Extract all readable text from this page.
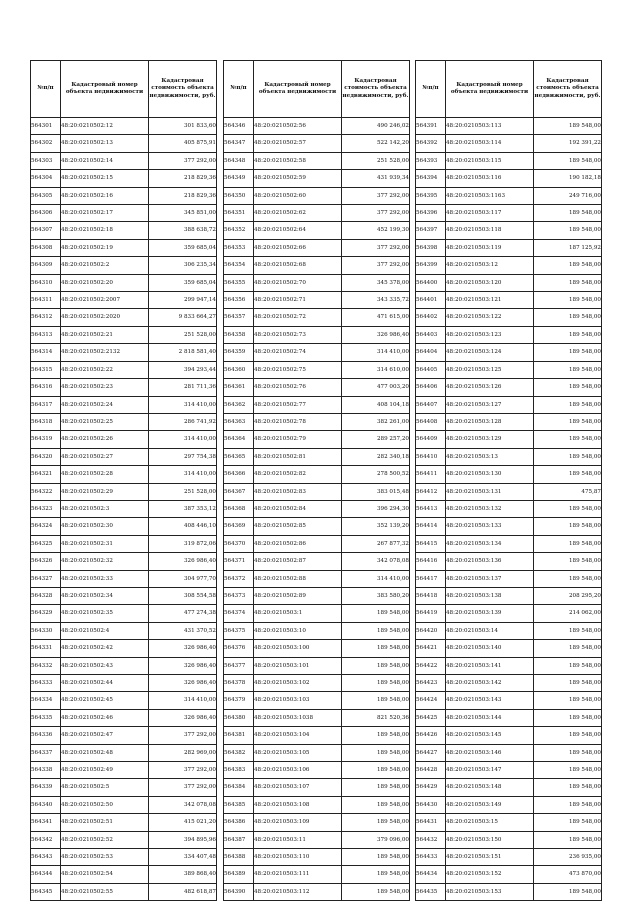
№п/п	Кадастровый номер объекта недвижимости	Кадастровая стоимость объекта недвижимости, руб.
564301	48:20:0210502:12	301 833,60
564302	48:20:0210502:13	405 875,91
564303	48:20:0210502:14	377 292,00
564304	48:20:0210502:15	218 829,36
564305	48:20:0210502:16	218 829,36
564306	48:20:0210502:17	345 851,00
564307	48:20:0210502:18	388 638,72
564308	48:20:0210502:19	359 685,04
564309	48:20:0210502:2	306 235,34
564310	48:20:0210502:20	359 685,04
564311	48:20:0210502:2007	299 947,14
564312	48:20:0210502:2020	9 833 664,27
564313	48:20:0210502:21	251 528,00
564314	48:20:0210502:2132	2 818 581,40
564315	48:20:0210502:22	394 293,44
564316	48:20:0210502:23	281 711,36
564317	48:20:0210502:24	314 410,00
564318	48:20:0210502:25	286 741,92
564319	48:20:0210502:26	314 410,00
564320	48:20:0210502:27	297 754,38
564321	48:20:0210502:28	314 410,00
564322	48:20:0210502:29	251 528,00
564323	48:20:0210502:3	387 353,12
564324	48:20:0210502:30	408 446,10
564325	48:20:0210502:31	319 872,06
564326	48:20:0210502:32	326 986,40
564327	48:20:0210502:33	304 977,70
564328	48:20:0210502:34	308 554,58
564329	48:20:0210502:35	477 274,38
564330	48:20:0210502:4	431 370,52
564331	48:20:0210502:42	326 986,40
564332	48:20:0210502:43	326 986,40
564333	48:20:0210502:44	326 986,40
564334	48:20:0210502:45	314 410,00
564335	48:20:0210502:46	326 986,40
564336	48:20:0210502:47	377 292,00
564337	48:20:0210502:48	282 969,00
564338	48:20:0210502:49	377 292,00
564339	48:20:0210502:5	377 292,00
564340	48:20:0210502:50	342 078,08
564341	48:20:0210502:51	415 021,20
564342	48:20:0210502:52	394 895,96
564343	48:20:0210502:53	334 407,48
564344	48:20:0210502:54	389 868,40
564345	48:20:0210502:55	482 618,87
№п/п	Кадастровый номер объекта недвижимости	Кадастровая стоимость объекта недвижимости, руб.
564346	48:20:0210502:56	490 246,02
564347	48:20:0210502:57	522 142,20
564348	48:20:0210502:58	251 528,00
564349	48:20:0210502:59	431 939,34
564350	48:20:0210502:60	377 292,00
564351	48:20:0210502:62	377 292,00
564352	48:20:0210502:64	452 199,30
564353	48:20:0210502:66	377 292,00
564354	48:20:0210502:68	377 292,00
564355	48:20:0210502:70	345 378,00
564356	48:20:0210502:71	343 335,72
564357	48:20:0210502:72	471 615,00
564358	48:20:0210502:73	326 986,40
564359	48:20:0210502:74	314 410,00
564360	48:20:0210502:75	314 610,00
564361	48:20:0210502:76	477 003,20
564362	48:20:0210502:77	408 104,18
564363	48:20:0210502:78	382 261,00
564364	48:20:0210502:79	289 257,20
564365	48:20:0210502:81	282 340,18
564366	48:20:0210502:82	278 500,52
564367	48:20:0210502:83	383 015,48
564368	48:20:0210502:84	396 294,30
564369	48:20:0210502:85	352 139,20
564370	48:20:0210502:86	267 877,32
564371	48:20:0210502:87	342 078,08
564372	48:20:0210502:88	314 410,00
564373	48:20:0210502:89	383 580,20
564374	48:20:0210503:1	189 548,00
564375	48:20:0210503:10	189 548,00
564376	48:20:0210503:100	189 548,00
564377	48:20:0210503:101	189 548,00
564378	48:20:0210503:102	189 548,00
564379	48:20:0210503:103	189 548,00
564380	48:20:0210503:1038	821 520,36
564381	48:20:0210503:104	189 548,00
564382	48:20:0210503:105	189 548,00
564383	48:20:0210503:106	189 548,00
564384	48:20:0210503:107	189 548,00
564385	48:20:0210503:108	189 548,00
564386	48:20:0210503:109	189 548,00
564387	48:20:0210503:11	379 096,00
564388	48:20:0210503:110	189 548,00
564389	48:20:0210503:111	189 548,00
564390	48:20:0210503:112	189 548,00
№п/п	Кадастровый номер объекта недвижимости	Кадастровая стоимость объекта недвижимости, руб.
564391	48:20:0210503:113	189 548,00
564392	48:20:0210503:114	192 391,22
564393	48:20:0210503:115	189 548,00
564394	48:20:0210503:116	190 182,18
564395	48:20:0210503:1163	249 716,00
564396	48:20:0210503:117	189 548,00
564397	48:20:0210503:118	189 548,00
564398	48:20:0210503:119	187 125,92
564399	48:20:0210503:12	189 548,00
564400	48:20:0210503:120	189 548,00
564401	48:20:0210503:121	189 548,00
564402	48:20:0210503:122	189 548,00
564403	48:20:0210503:123	189 548,00
564404	48:20:0210503:124	189 548,00
564405	48:20:0210503:125	189 548,00
564406	48:20:0210503:126	189 548,00
564407	48:20:0210503:127	189 548,00
564408	48:20:0210503:128	189 548,00
564409	48:20:0210503:129	189 548,00
564410	48:20:0210503:13	189 548,00
564411	48:20:0210503:130	189 548,00
564412	48:20:0210503:131	475,87
564413	48:20:0210503:132	189 548,00
564414	48:20:0210503:133	189 548,00
564415	48:20:0210503:134	189 548,00
564416	48:20:0210503:136	189 548,00
564417	48:20:0210503:137	189 548,00
564418	48:20:0210503:138	208 295,20
564419	48:20:0210503:139	214 062,00
564420	48:20:0210503:14	189 548,00
564421	48:20:0210503:140	189 548,00
564422	48:20:0210503:141	189 548,00
564423	48:20:0210503:142	189 548,00
564424	48:20:0210503:143	189 548,00
564425	48:20:0210503:144	189 548,00
564426	48:20:0210503:145	189 548,00
564427	48:20:0210503:146	189 548,00
564428	48:20:0210503:147	189 548,00
564429	48:20:0210503:148	189 548,00
564430	48:20:0210503:149	189 548,00
564431	48:20:0210503:15	189 548,00
564432	48:20:0210503:150	189 548,00
564433	48:20:0210503:151	236 935,00
564434	48:20:0210503:152	473 870,00
564435	48:20:0210503:153	189 548,00
